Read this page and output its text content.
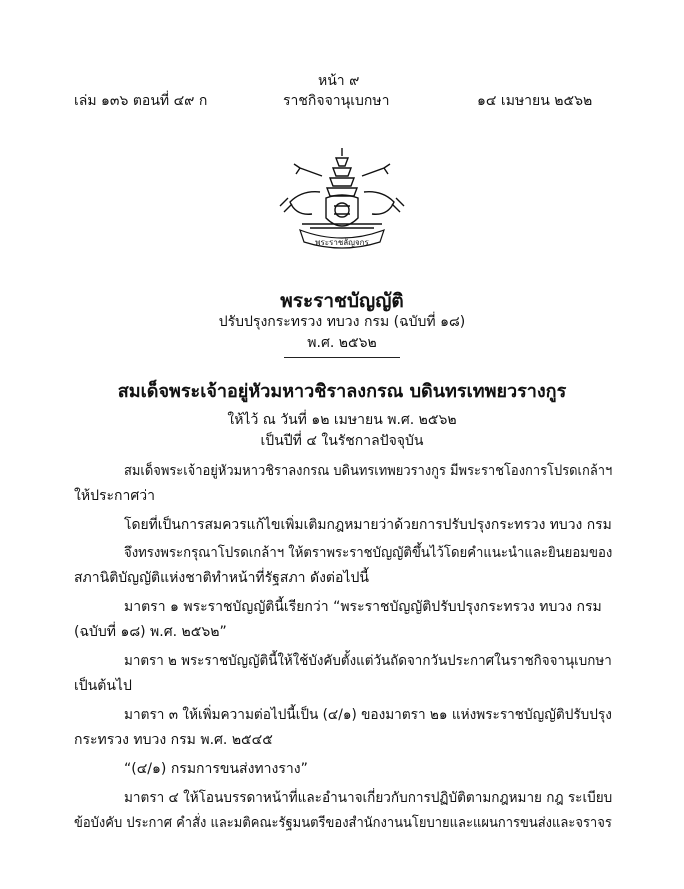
หน้า ๙
เล่ม ๑๓๖ ตอนที่ ๔๙ ก	ราชกิจจานุเบกษา	๑๔ เมษายน ๒๕๖๒
พระราชลัญจกร
พระราชบัญญัติ
ปรับปรุงกระทรวง ทบวง กรม (ฉบับที่ ๑๘)
พ.ศ. ๒๕๖๒
สมเด็จพระเจ้าอยู่หัวมหาวชิราลงกรณ บดินทรเทพยวรางกูร
ให้ไว้ ณ วันที่ ๑๒ เมษายน พ.ศ. ๒๕๖๒
เป็นปีที่ ๔ ในรัชกาลปัจจุบัน
สมเด็จพระเจ้าอยู่หัวมหาวชิราลงกรณ บดินทรเทพยวรางกูร มีพระราชโองการโปรดเกล้าฯ
ให้ประกาศว่า
โดยที่เป็นการสมควรแก้ไขเพิ่มเติมกฎหมายว่าด้วยการปรับปรุงกระทรวง ทบวง กรม
จึงทรงพระกรุณาโปรดเกล้าฯ ให้ตราพระราชบัญญัติขึ้นไว้โดยคำแนะนำและยินยอมของ
สภานิติบัญญัติแห่งชาติทำหน้าที่รัฐสภา ดังต่อไปนี้
มาตรา ๑ พระราชบัญญัตินี้เรียกว่า “พระราชบัญญัติปรับปรุงกระทรวง ทบวง กรม
(ฉบับที่ ๑๘) พ.ศ. ๒๕๖๒”
มาตรา ๒ พระราชบัญญัตินี้ให้ใช้บังคับตั้งแต่วันถัดจากวันประกาศในราชกิจจานุเบกษา
เป็นต้นไป
มาตรา ๓ ให้เพิ่มความต่อไปนี้เป็น (๔/๑) ของมาตรา ๒๑ แห่งพระราชบัญญัติปรับปรุง
กระทรวง ทบวง กรม พ.ศ. ๒๕๔๕
“(๔/๑) กรมการขนส่งทางราง”
มาตรา ๔ ให้โอนบรรดาหน้าที่และอำนาจเกี่ยวกับการปฏิบัติตามกฎหมาย กฎ ระเบียบ
ข้อบังคับ ประกาศ คำสั่ง และมติคณะรัฐมนตรีของสำนักงานนโยบายและแผนการขนส่งและจราจร
